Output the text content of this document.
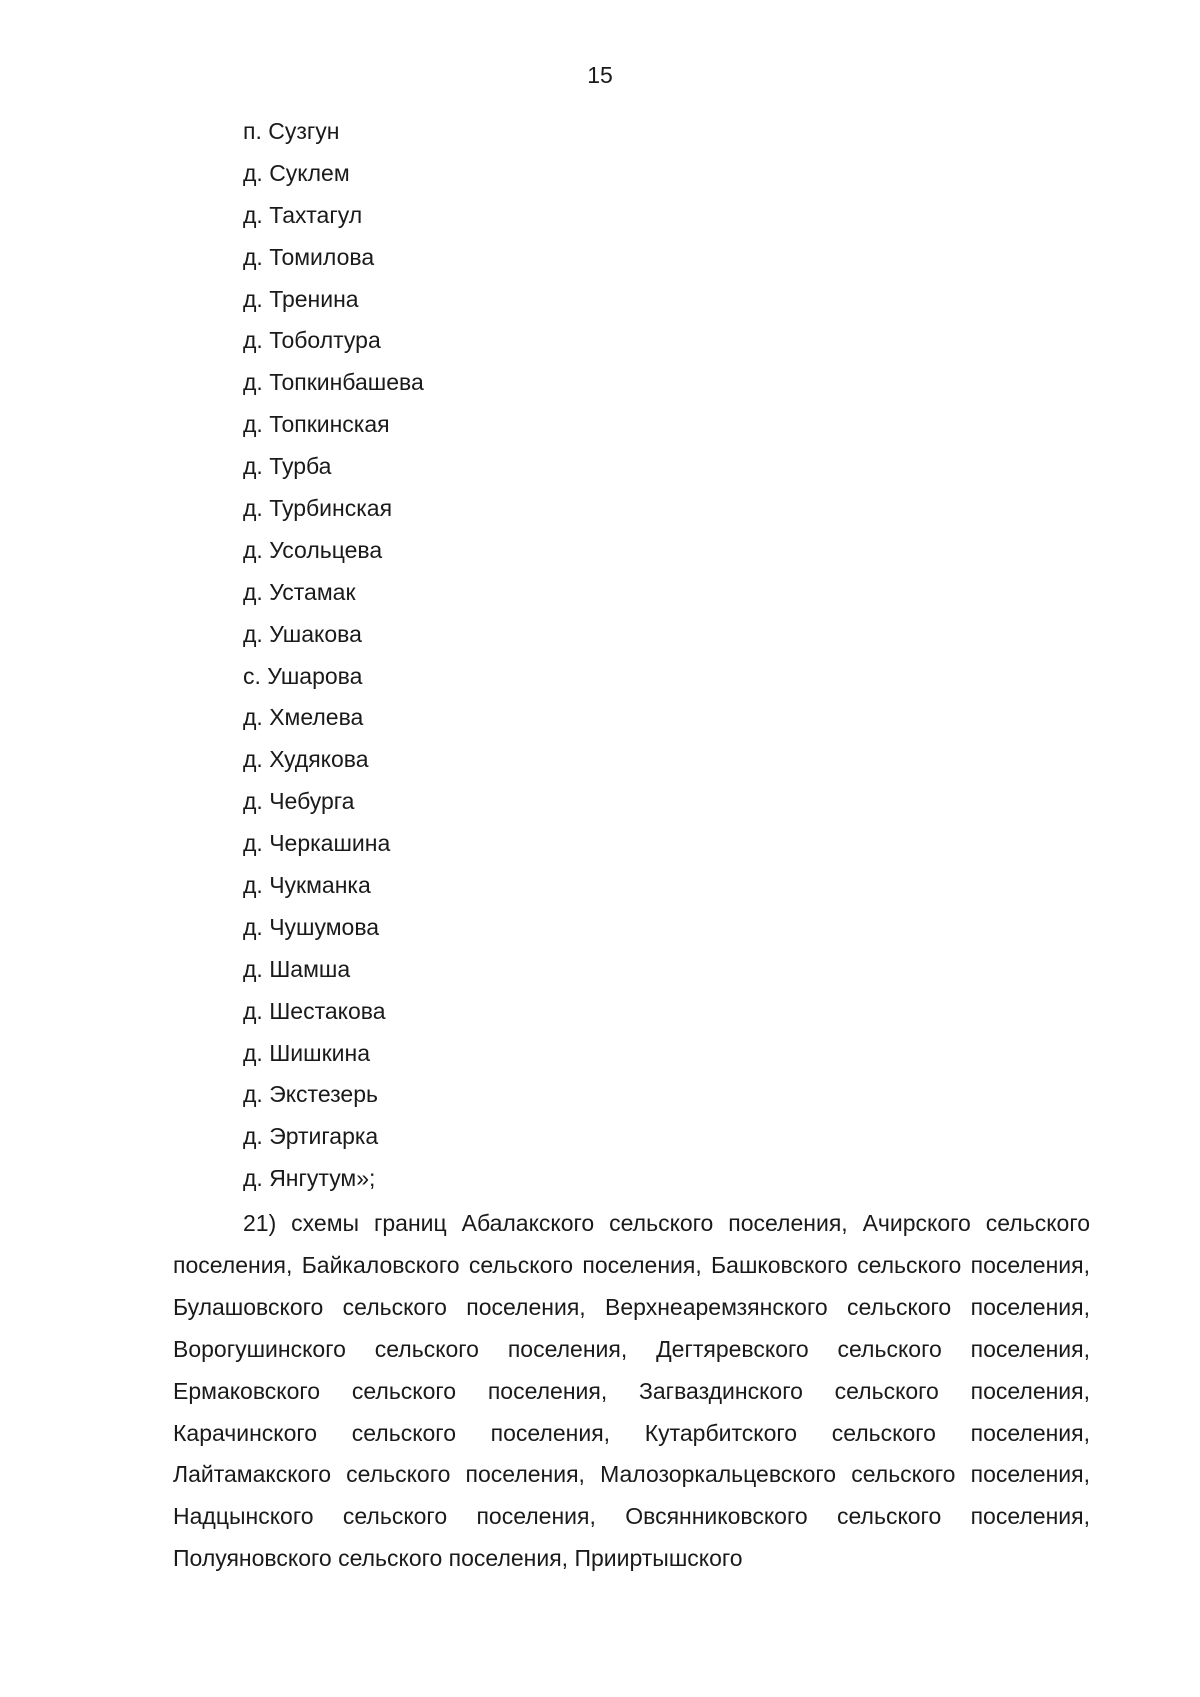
15
п. Сузгун
д. Суклем
д. Тахтагул
д. Томилова
д. Тренина
д. Тоболтура
д. Топкинбашева
д. Топкинская
д. Турба
д. Турбинская
д. Усольцева
д. Устамак
д. Ушакова
с. Ушарова
д. Хмелева
д. Худякова
д. Чебурга
д. Черкашина
д. Чукманка
д. Чушумова
д. Шамша
д. Шестакова
д. Шишкина
д. Экстезерь
д. Эртигарка
д. Янгутум»;

21) схемы границ Абалакского сельского поселения, Ачирского сельского поселения, Байкаловского сельского поселения, Башковского сельского поселения, Булашовского сельского поселения, Верхнеаремзянского сельского поселения, Ворогушинского сельского поселения, Дегтяревского сельского поселения, Ермаковского сельского поселения, Загваздинского сельского поселения, Карачинского сельского поселения, Кутарбитского сельского поселения, Лайтамакского сельского поселения, Малозоркальцевского сельского поселения, Надцынского сельского поселения, Овсянниковского сельского поселения, Полуяновского сельского поселения, Прииртышского
